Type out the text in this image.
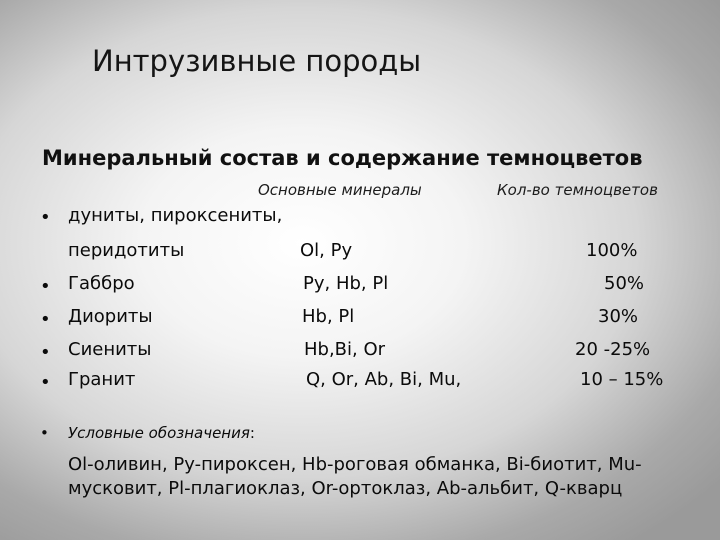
Интрузивные породы
Минеральный состав и содержание темноцветов
Основные минералы	Кол-во темноцветов
• дуниты, пироксениты,
перидотиты	Ol, Py	100%
• Габбро	Py, Hb, Pl	50%
• Диориты	Hb, Pl	30%
• Сиениты	Hb,Bi, Or	20 -25%
• Гранит	Q, Or, Ab, Bi, Mu,	10 – 15%
• Условные обозначения:
Ol-оливин, Py-пироксен, Hb-роговая обманка, Bi-биотит, Mu-мусковит, Pl-плагиоклаз, Or-ортоклаз, Ab-альбит, Q-кварц
